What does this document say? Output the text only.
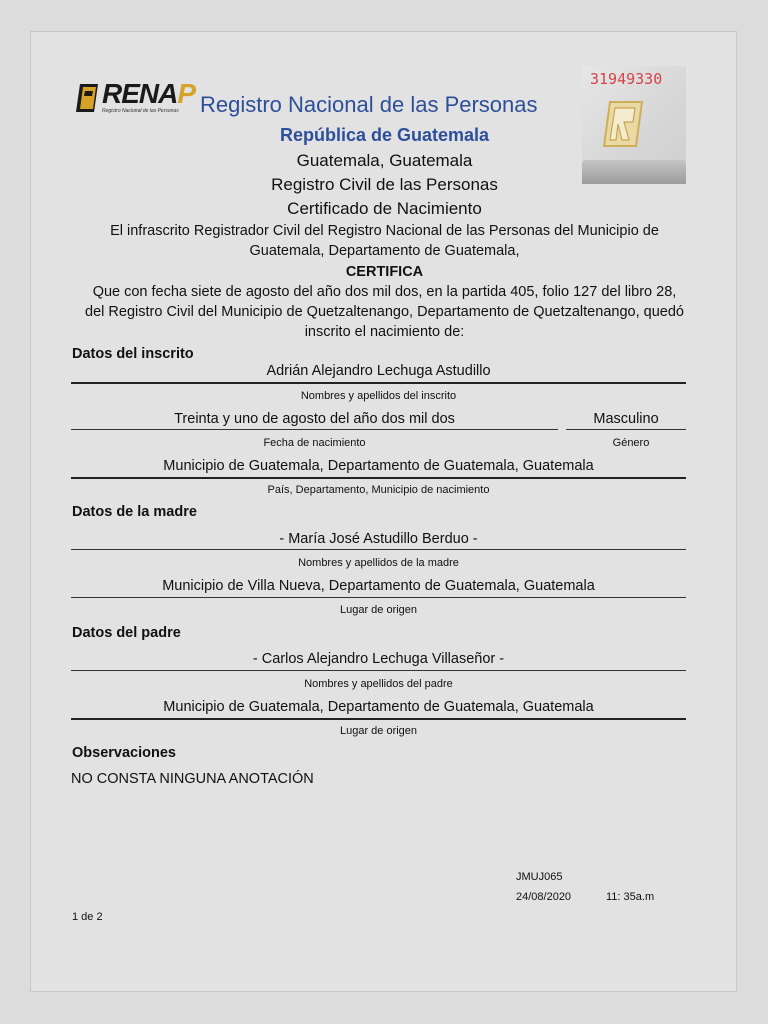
RENAP
Registro Nacional de las Personas Registro Nacional de las Personas
31949330
República de Guatemala
Guatemala, Guatemala
Registro Civil de las Personas
Certificado de Nacimiento
El infrascrito Registrador Civil del Registro Nacional de las Personas del Municipio de
Guatemala, Departamento de Guatemala,
CERTIFICA
Que con fecha siete de agosto del año dos mil dos, en la partida 405, folio 127 del libro 28,
del Registro Civil del Municipio de Quetzaltenango, Departamento de Quetzaltenango, quedó
inscrito el nacimiento de:
Datos del inscrito
Adrián Alejandro Lechuga Astudillo
Nombres y apellidos del inscrito
Treinta y uno de agosto del año dos mil dos
Fecha de nacimiento
Masculino
Género
Municipio de Guatemala, Departamento de Guatemala, Guatemala
País, Departamento, Municipio de nacimiento
Datos de la madre
- María José Astudillo Berduo -
Nombres y apellidos de la madre
Municipio de Villa Nueva, Departamento de Guatemala, Guatemala
Lugar de origen
Datos del padre
- Carlos Alejandro Lechuga Villaseñor -
Nombres y apellidos del padre
Municipio de Guatemala, Departamento de Guatemala, Guatemala
Lugar de origen
Observaciones
NO CONSTA NINGUNA ANOTACIÓN
JMUJ065
24/08/2020	11: 35a.m
1 de 2
